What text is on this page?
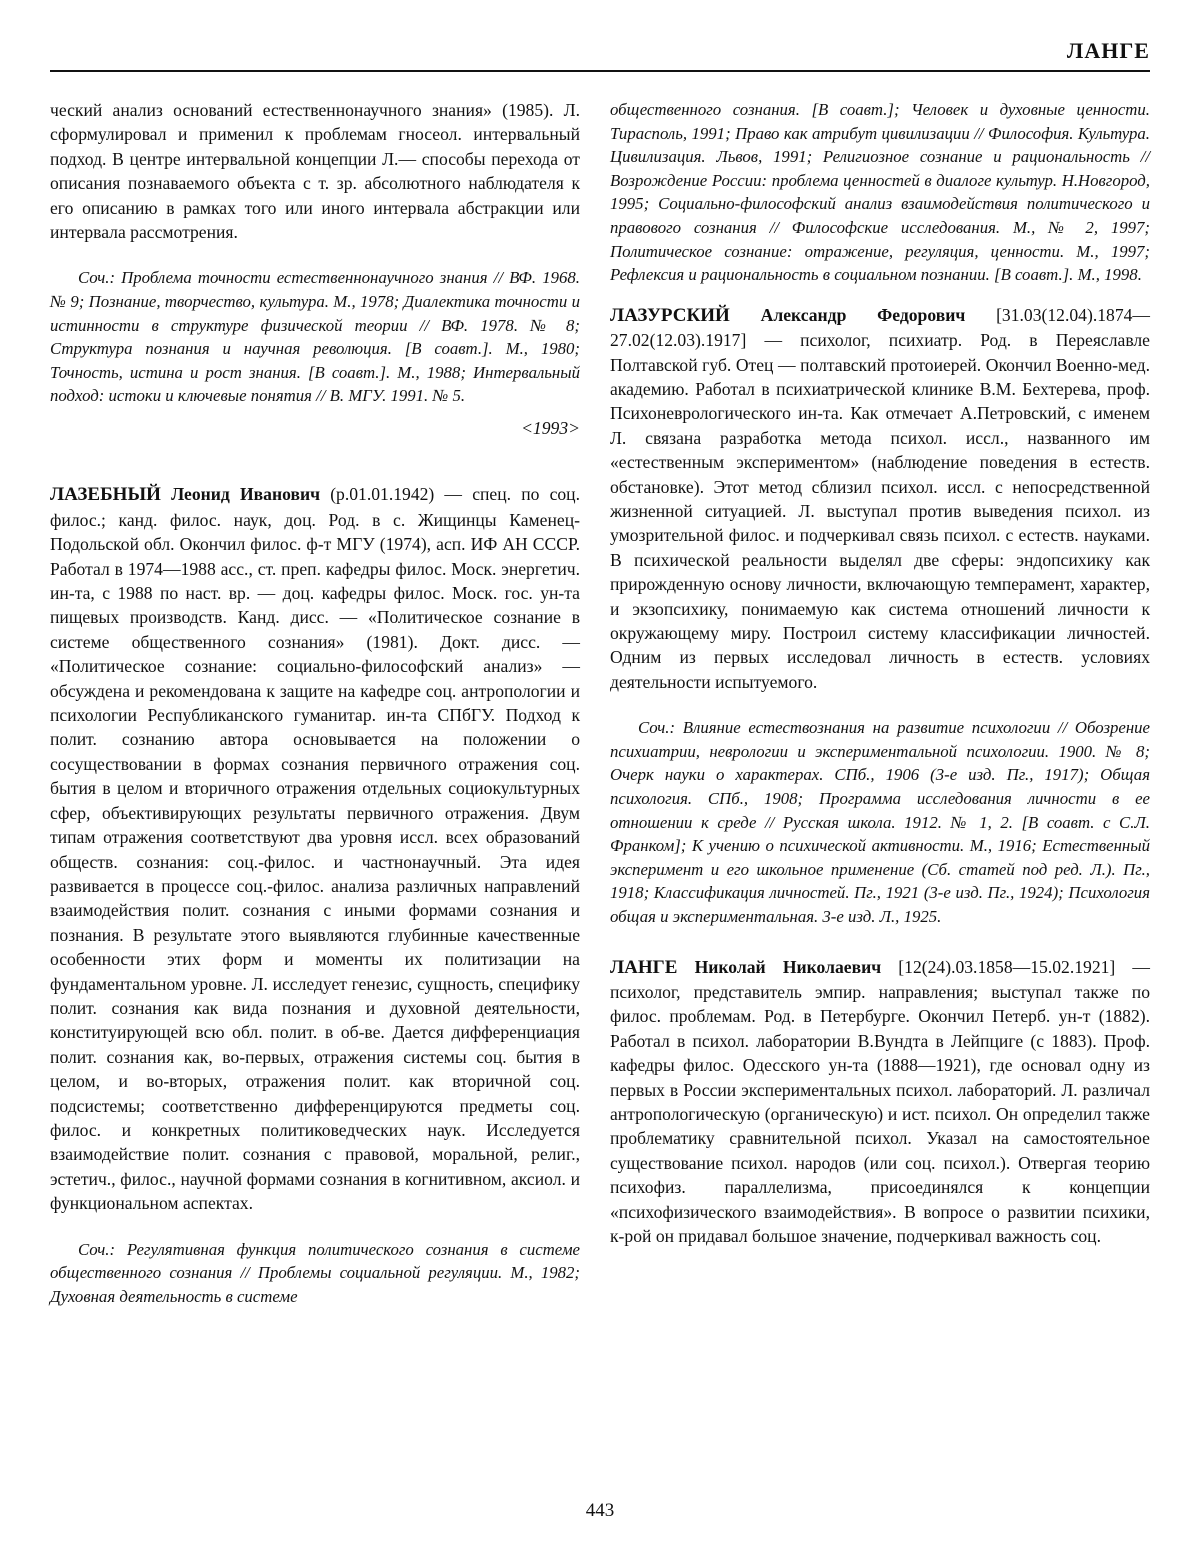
ЛАНГЕ

ческий анализ оснований естественнонаучного знания» (1985). Л. сформулировал и применил к проблемам гносеол. интервальный подход. В центре интервальной концепции Л.— способы перехода от описания познаваемого объекта с т. зр. абсолютного наблюдателя к его описанию в рамках того или иного интервала абстракции или интервала рассмотрения.

Соч.: Проблема точности естественнонаучного знания // ВФ. 1968. № 9; Познание, творчество, культура. М., 1978; Диалектика точности и истинности в структуре физической теории // ВФ. 1978. № 8; Структура познания и научная революция. [В соавт.]. М., 1980; Точность, истина и рост знания. [В соавт.]. М., 1988; Интервальный подход: истоки и ключевые понятия // В. МГУ. 1991. № 5.

<1993>

ЛАЗЕБНЫЙ Леонид Иванович (р.01.01.1942) — спец. по соц. филос.; канд. филос. наук, доц. Род. в с. Жищинцы Каменец-Подольской обл. Окончил филос. ф-т МГУ (1974), асп. ИФ АН СССР. Работал в 1974—1988 асс., ст. преп. кафедры филос. Моск. энергетич. ин-та, с 1988 по наст. вр. — доц. кафедры филос. Моск. гос. ун-та пищевых производств. Канд. дисс. — «Политическое сознание в системе общественного сознания» (1981). Докт. дисс. — «Политическое сознание: социально-философский анализ» — обсуждена и рекомендована к защите на кафедре соц. антропологии и психологии Республиканского гуманитар. ин-та СПбГУ. Подход к полит. сознанию автора основывается на положении о сосуществовании в формах сознания первичного отражения соц. бытия в целом и вторичного отражения отдельных социокультурных сфер, объективирующих результаты первичного отражения. Двум типам отражения соответствуют два уровня иссл. всех образований обществ. сознания: соц.-филос. и частнонаучный. Эта идея развивается в процессе соц.-филос. анализа различных направлений взаимодействия полит. сознания с иными формами сознания и познания. В результате этого выявляются глубинные качественные особенности этих форм и моменты их политизации на фундаментальном уровне. Л. исследует генезис, сущность, специфику полит. сознания как вида познания и духовной деятельности, конституирующей всю обл. полит. в об-ве. Дается дифференциация полит. сознания как, во-первых, отражения системы соц. бытия в целом, и во-вторых, отражения полит. как вторичной соц. подсистемы; соответственно дифференцируются предметы соц. филос. и конкретных политиковедческих наук. Исследуется взаимодействие полит. сознания с правовой, моральной, религ., эстетич., филос., научной формами сознания в когнитивном, аксиол. и функциональном аспектах.

Соч.: Регулятивная функция политического сознания в системе общественного сознания // Проблемы социальной регуляции. М., 1982; Духовная деятельность в системе

общественного сознания. [В соавт.]; Человек и духовные ценности. Тирасполь, 1991; Право как атрибут цивилизации // Философия. Культура. Цивилизация. Львов, 1991; Религиозное сознание и рациональность // Возрождение России: проблема ценностей в диалоге культур. Н.Новгород, 1995; Социально-философский анализ взаимодействия политического и правового сознания // Философские исследования. М., № 2, 1997; Политическое сознание: отражение, регуляция, ценности. М., 1997; Рефлексия и рациональность в социальном познании. [В соавт.]. М., 1998.

ЛАЗУРСКИЙ Александр Федорович [31.03(12.04).1874—27.02(12.03).1917] — психолог, психиатр. Род. в Переяславле Полтавской губ. Отец — полтавский протоиерей. Окончил Военно-мед. академию. Работал в психиатрической клинике В.М. Бехтерева, проф. Психоневрологического ин-та. Как отмечает А.Петровский, с именем Л. связана разработка метода психол. иссл., названного им «естественным экспериментом» (наблюдение поведения в естеств. обстановке). Этот метод сблизил психол. иссл. с непосредственной жизненной ситуацией. Л. выступал против выведения психол. из умозрительной филос. и подчеркивал связь психол. с естеств. науками. В психической реальности выделял две сферы: эндопсихику как прирожденную основу личности, включающую темперамент, характер, и экзопсихику, понимаемую как система отношений личности к окружающему миру. Построил систему классификации личностей. Одним из первых исследовал личность в естеств. условиях деятельности испытуемого.

Соч.: Влияние естествознания на развитие психологии // Обозрение психиатрии, неврологии и экспериментальной психологии. 1900. № 8; Очерк науки о характерах. СПб., 1906 (3-е изд. Пг., 1917); Общая психология. СПб., 1908; Программа исследования личности в ее отношении к среде // Русская школа. 1912. № 1, 2. [В соавт. с С.Л. Франком]; К учению о психической активности. М., 1916; Естественный эксперимент и его школьное применение (Сб. статей под ред. Л.). Пг., 1918; Классификация личностей. Пг., 1921 (3-е изд. Пг., 1924); Психология общая и экспериментальная. 3-е изд. Л., 1925.

ЛАНГЕ Николай Николаевич [12(24).03.1858—15.02.1921] — психолог, представитель эмпир. направления; выступал также по филос. проблемам. Род. в Петербурге. Окончил Петерб. ун-т (1882). Работал в психол. лаборатории В.Вундта в Лейпциге (с 1883). Проф. кафедры филос. Одесского ун-та (1888—1921), где основал одну из первых в России экспериментальных психол. лабораторий. Л. различал антропологическую (органическую) и ист. психол. Он определил также проблематику сравнительной психол. Указал на самостоятельное существование психол. народов (или соц. психол.). Отвергая теорию психофиз. параллелизма, присоединялся к концепции «психофизического взаимодействия». В вопросе о развитии психики, к-рой он придавал большое значение, подчеркивал важность соц.

443
